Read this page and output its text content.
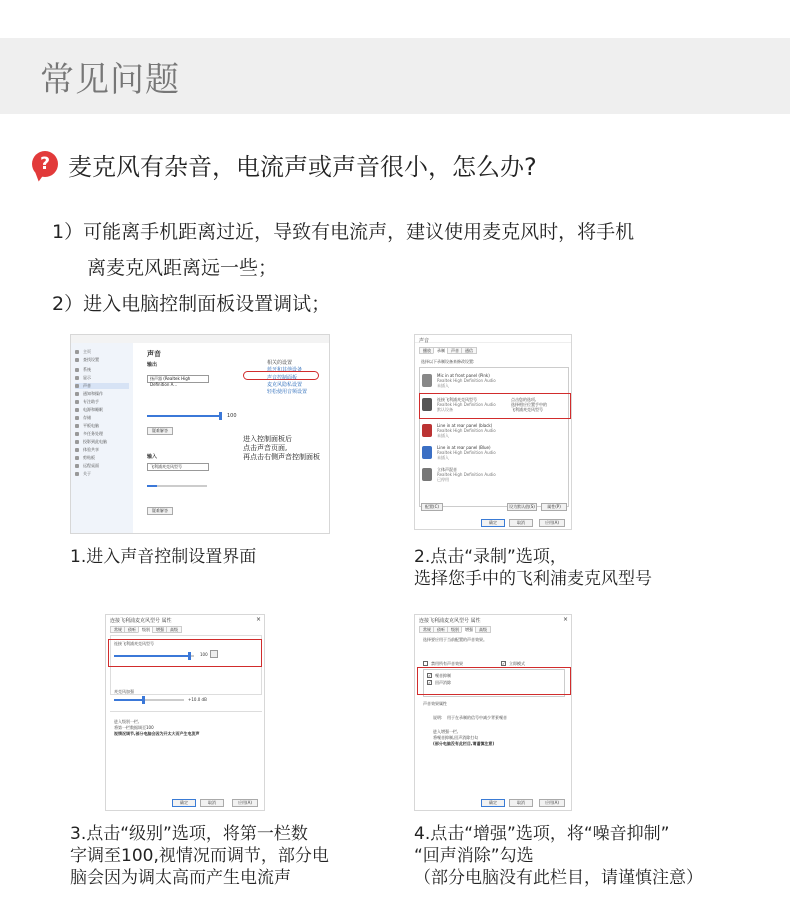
常见问题
? 麦克风有杂音，电流声或声音很小，怎么办?
1）可能离手机距离过近，导致有电流声，建议使用麦克风时，将手机
离麦克风距离远一些；
2）进入电脑控制面板设置调试；
主页
查找设置
系统
显示
声音
通知和操作
专注助手
电源和睡眠
存储
平板电脑
多任务处理
投影到此电脑
体验共享
剪贴板
远程桌面
关于
声音
输出
扬声器 (Realtek High Definition A...
100
疑难解答
输入
飞利浦麦克风型号
疑难解答
相关的设置
蓝牙和其他设备
声音控制面板
麦克风隐私设置
轻松使用音频设置
进入控制面板后
点击声音页面,
再点击右侧声音控制面板
声音
播放	录制	声音	通信
选择以下录制设备来修改设置:
Mic in at front panel (Pink)
Realtek High Definition Audio
未插入
连接飞利浦麦克风型号
Realtek High Definition Audio
默认设备
点击您的选项,
选择相应位置手中的
飞利浦麦克风型号
Line in at rear panel (black)
Realtek High Definition Audio
未插入
Line in at rear panel (Blue)
Realtek High Definition Audio
未插入
立体声混音
Realtek High Definition Audio
已停用
配置(C)	设为默认值(S)	属性(P)
确定	取消	应用(A)
连接飞利浦麦克风型号 属性	×
常规	侦听	级别	增强	高级
连接飞利浦麦克风型号
100
麦克风加强
+10.0 dB
进入级别一栏,
将第一栏数据调至100
视情况调节,部分电脑会因为开太大而产生电流声
确定	取消	应用(A)
连接飞利浦麦克风型号 属性	×
常规	侦听	级别	增强	高级
选择要应用于当前配置的声音效果。
禁用所有声音效果	✓ 立即模式
✓ 噪音抑制
✓ 回声消除
声音效果属性
说明: 用于在录制的信号中减少背景噪音
进入增强一栏,
将噪音抑制,回声消除打勾
(部分电脑没有此栏目,请谨慎注意)
确定	取消	应用(A)
1.进入声音控制设置界面	2.点击“录制”选项，
选择您手中的飞利浦麦克风型号
3.点击“级别”选项，将第一栏数
字调至100,视情况而调节，部分电
脑会因为调太高而产生电流声
4.点击“增强”选项，将“噪音抑制”
“回声消除”勾选
（部分电脑没有此栏目，请谨慎注意）
